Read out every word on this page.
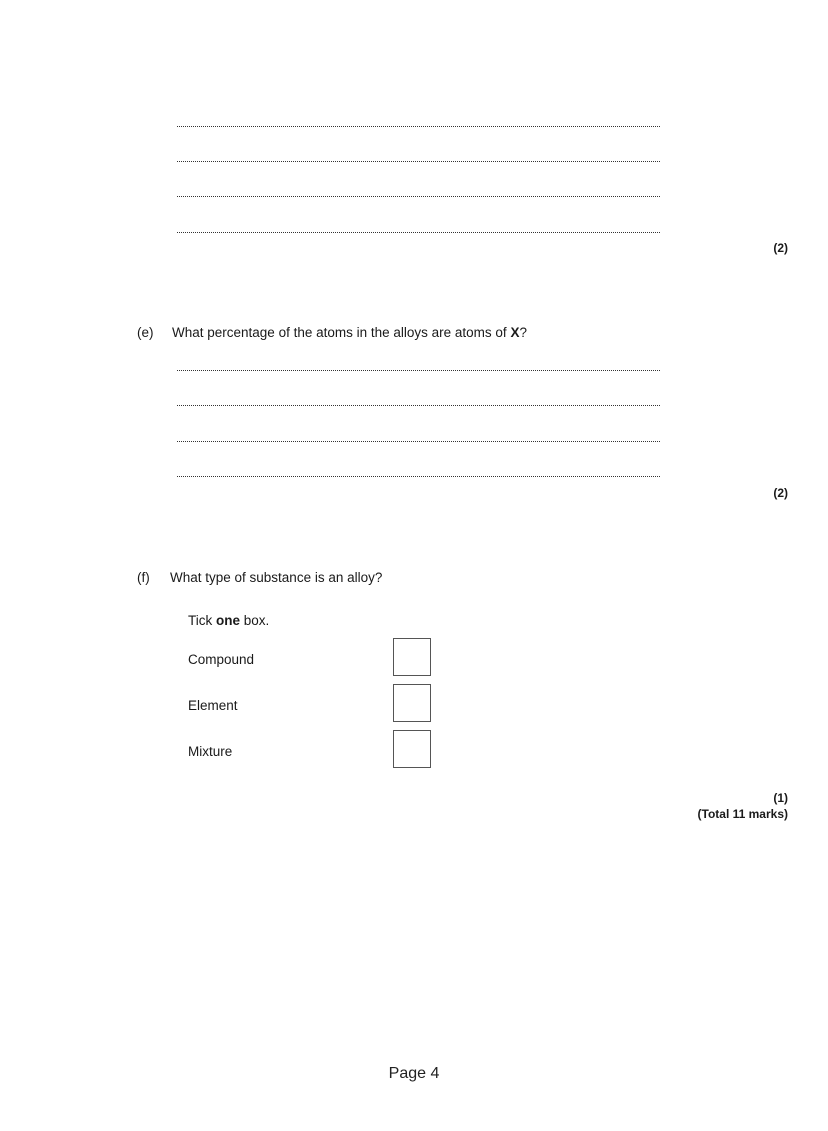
(2)
(e) What percentage of the atoms in the alloys are atoms of X?
(2)
(f) What type of substance is an alloy?
Tick one box.
Compound
Element
Mixture
(1)
(Total 11 marks)
Page 4
